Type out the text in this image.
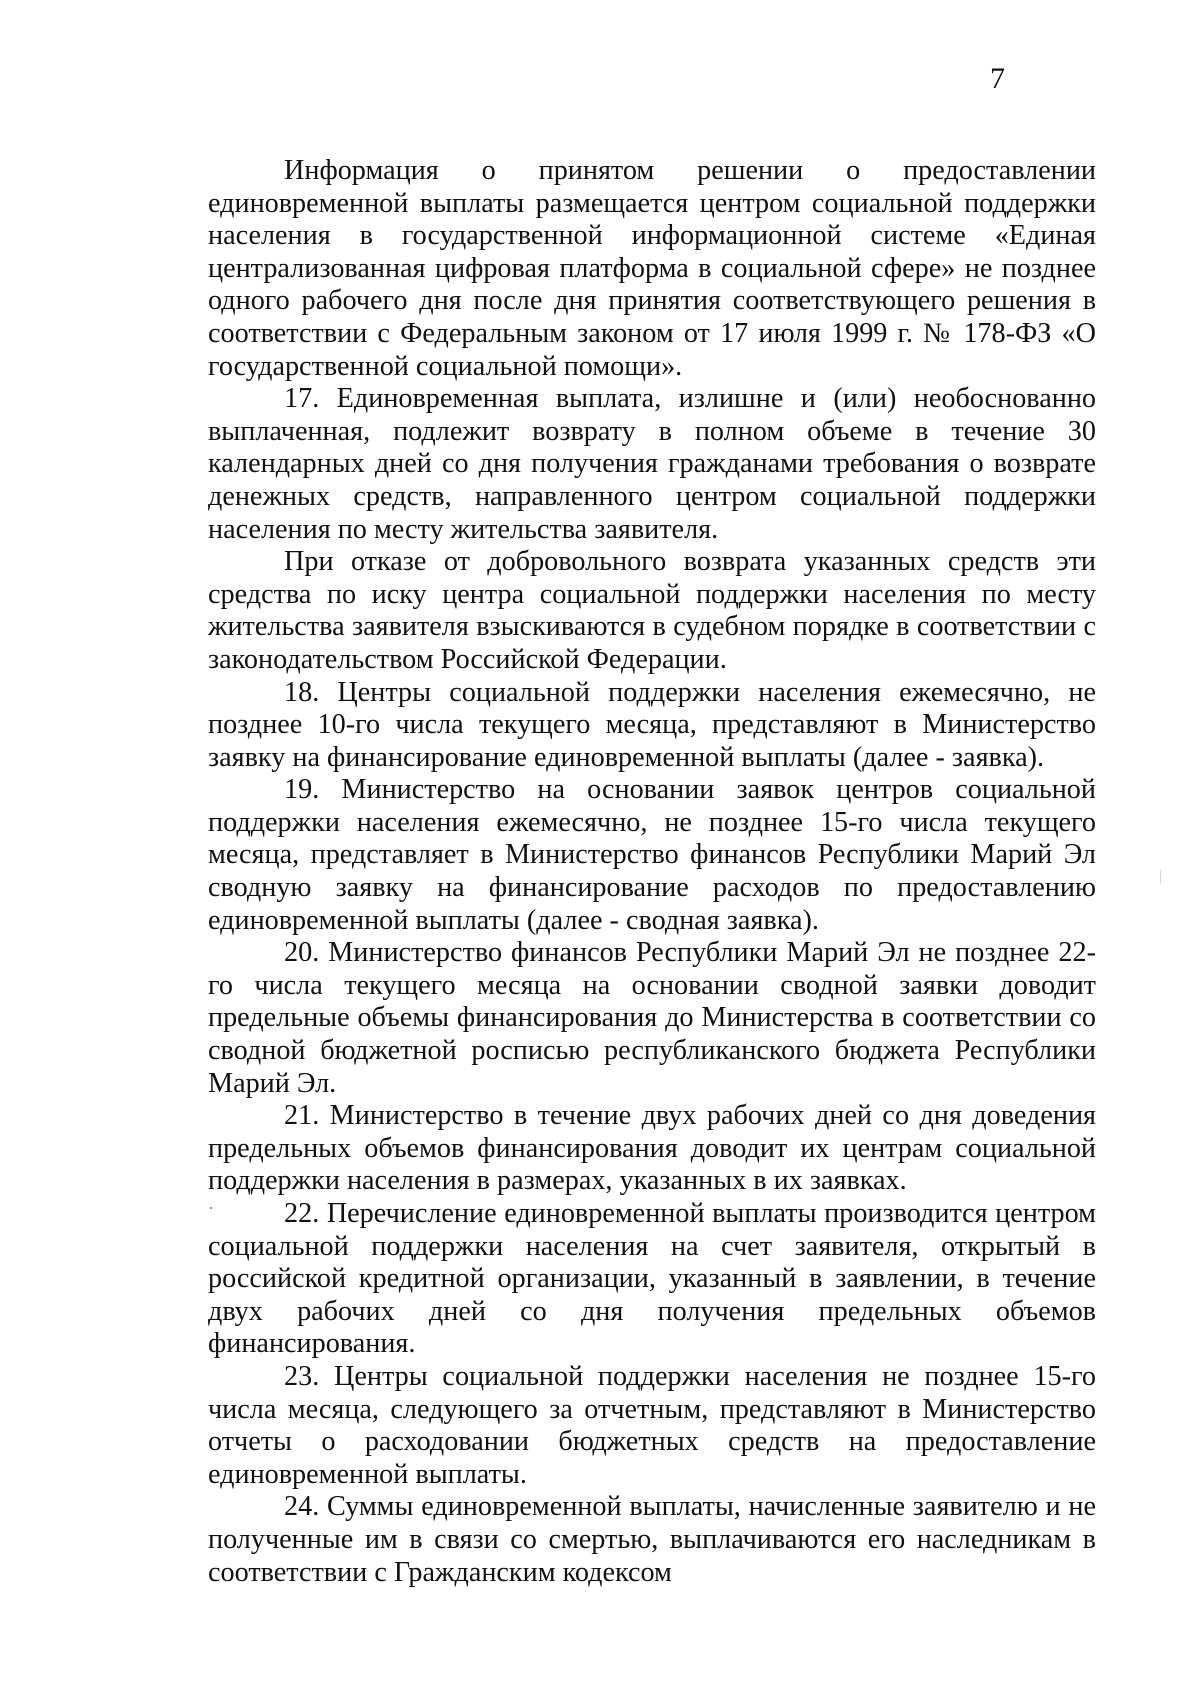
7

Информация о принятом решении о предоставлении единовременной выплаты размещается центром социальной поддержки населения в государственной информационной системе «Единая централизованная цифровая платформа в социальной сфере» не позднее одного рабочего дня после дня принятия соответствующего решения в соответствии с Федеральным законом от 17 июля 1999 г. № 178-ФЗ «О государственной социальной помощи».

17. Единовременная выплата, излишне и (или) необоснованно выплаченная, подлежит возврату в полном объеме в течение 30 календарных дней со дня получения гражданами требования о возврате денежных средств, направленного центром социальной поддержки населения по месту жительства заявителя.

При отказе от добровольного возврата указанных средств эти средства по иску центра социальной поддержки населения по месту жительства заявителя взыскиваются в судебном порядке в соответствии с законодательством Российской Федерации.

18. Центры социальной поддержки населения ежемесячно, не позднее 10-го числа текущего месяца, представляют в Министерство заявку на финансирование единовременной выплаты (далее - заявка).

19. Министерство на основании заявок центров социальной поддержки населения ежемесячно, не позднее 15-го числа текущего месяца, представляет в Министерство финансов Республики Марий Эл сводную заявку на финансирование расходов по предоставлению единовременной выплаты (далее - сводная заявка).

20. Министерство финансов Республики Марий Эл не позднее 22-го числа текущего месяца на основании сводной заявки доводит предельные объемы финансирования до Министерства в соответствии со сводной бюджетной росписью республиканского бюджета Республики Марий Эл.

21. Министерство в течение двух рабочих дней со дня доведения предельных объемов финансирования доводит их центрам социальной поддержки населения в размерах, указанных в их заявках.

22. Перечисление единовременной выплаты производится центром социальной поддержки населения на счет заявителя, открытый в российской кредитной организации, указанный в заявлении, в течение двух рабочих дней со дня получения предельных объемов финансирования.

23. Центры социальной поддержки населения не позднее 15-го числа месяца, следующего за отчетным, представляют в Министерство отчеты о расходовании бюджетных средств на предоставление единовременной выплаты.

24. Суммы единовременной выплаты, начисленные заявителю и не полученные им в связи со смертью, выплачиваются его наследникам в соответствии с Гражданским кодексом
